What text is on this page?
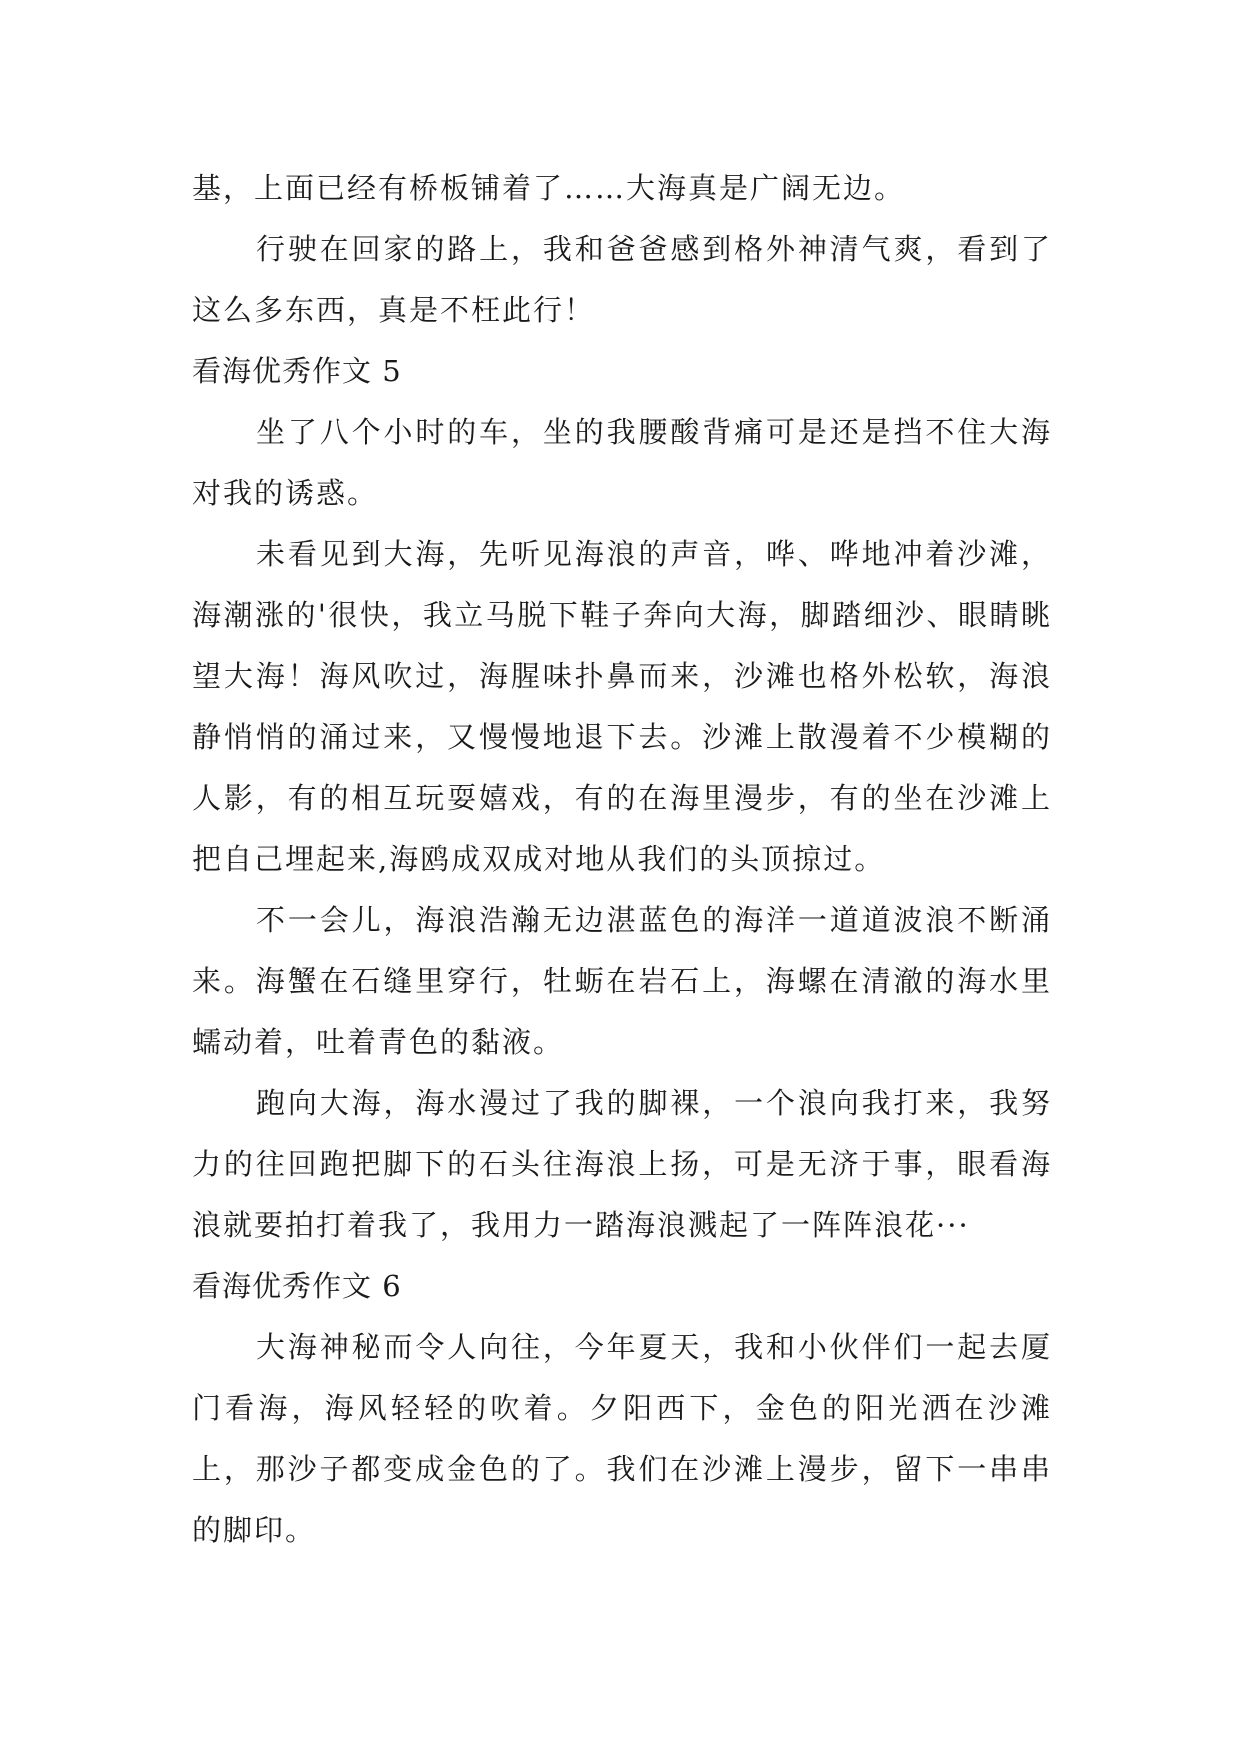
基，上面已经有桥板铺着了……大海真是广阔无边。

行驶在回家的路上，我和爸爸感到格外神清气爽，看到了这么多东西，真是不枉此行！

看海优秀作文 5

坐了八个小时的车，坐的我腰酸背痛可是还是挡不住大海对我的诱惑。

未看见到大海，先听见海浪的声音，哗、哗地冲着沙滩，海潮涨的'很快，我立马脱下鞋子奔向大海，脚踏细沙、眼睛眺望大海！海风吹过，海腥味扑鼻而来，沙滩也格外松软，海浪静悄悄的涌过来，又慢慢地退下去。沙滩上散漫着不少模糊的人影，有的相互玩耍嬉戏，有的在海里漫步，有的坐在沙滩上把自己埋起来,海鸥成双成对地从我们的头顶掠过。

不一会儿，海浪浩瀚无边湛蓝色的海洋一道道波浪不断涌来。海蟹在石缝里穿行，牡蛎在岩石上，海螺在清澈的海水里蠕动着，吐着青色的黏液。

跑向大海，海水漫过了我的脚裸，一个浪向我打来，我努力的往回跑把脚下的石头往海浪上扬，可是无济于事，眼看海浪就要拍打着我了，我用力一踏海浪溅起了一阵阵浪花···

看海优秀作文 6

大海神秘而令人向往，今年夏天，我和小伙伴们一起去厦门看海，海风轻轻的吹着。夕阳西下，金色的阳光洒在沙滩上，那沙子都变成金色的了。我们在沙滩上漫步，留下一串串的脚印。
